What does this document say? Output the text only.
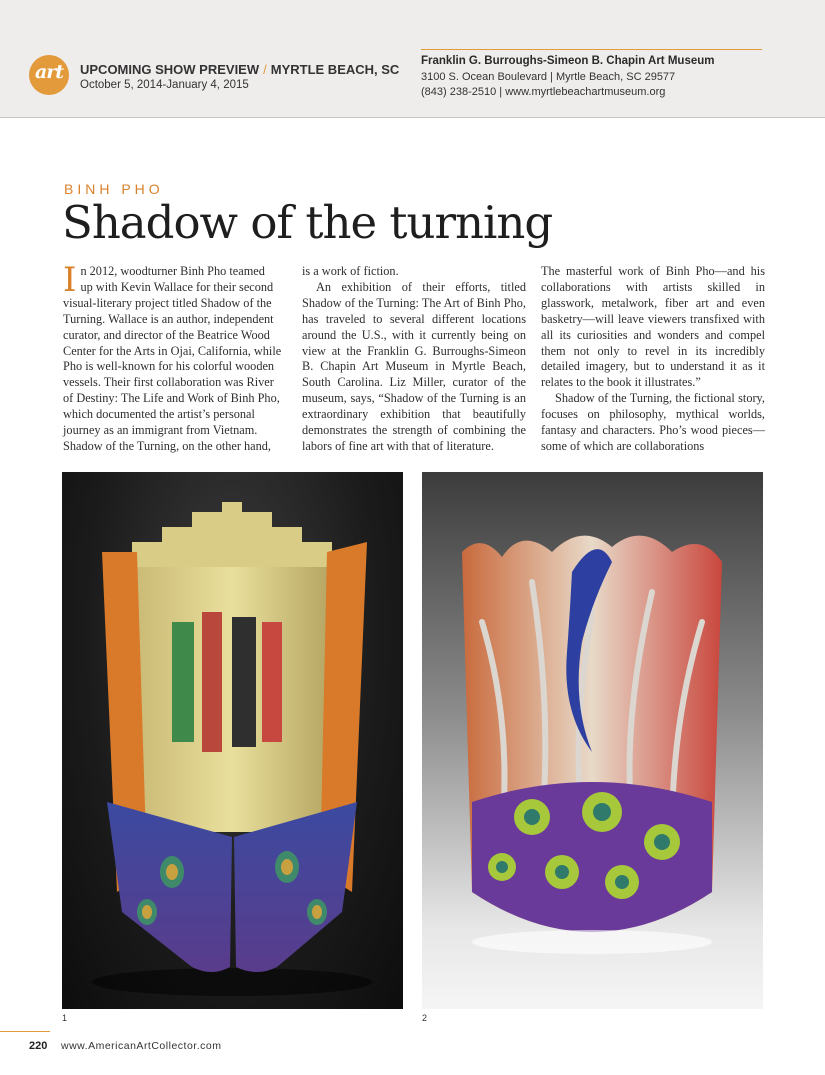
art	UPCOMING SHOW PREVIEW / MYRTLE BEACH, SC
October 5, 2014-January 4, 2015
Franklin G. Burroughs-Simeon B. Chapin Art Museum
3100 S. Ocean Boulevard | Myrtle Beach, SC 29577
(843) 238-2510 | www.myrtlebeachartmuseum.org
BINH PHO
Shadow of the turning
I n 2012, woodturner Binh Pho teamed
up with Kevin Wallace for their second
visual-literary project titled Shadow of the
Turning. Wallace is an author, independent
curator, and director of the Beatrice Wood
Center for the Arts in Ojai, California, while
Pho is well-known for his colorful wooden
vessels. Their first collaboration was River
of Destiny: The Life and Work of Binh Pho,
which documented the artist’s personal
journey as an immigrant from Vietnam.
Shadow of the Turning, on the other hand,

is a work of fiction.

An exhibition of their efforts, titled Shadow of the Turning: The Art of Binh Pho, has traveled to several different locations around the U.S., with it currently being on view at the Franklin G. Burroughs-Simeon B. Chapin Art Museum in Myrtle Beach, South Carolina. Liz Miller, curator of the museum, says, “Shadow of the Turning is an extraordinary exhibition that beautifully demonstrates the strength of combining the labors of fine art with that of literature.

The masterful work of Binh Pho—and his collaborations with artists skilled in glasswork, metalwork, fiber art and even basketry—will leave viewers transfixed with all its curiosities and wonders and compel them not only to revel in its incredibly detailed imagery, but to understand it as it relates to the book it illustrates.”

Shadow of the Turning, the fictional story, focuses on philosophy, mythical worlds, fantasy and characters. Pho’s wood pieces—some of which are collaborations

1	2
220 www.AmericanArtCollector.com
